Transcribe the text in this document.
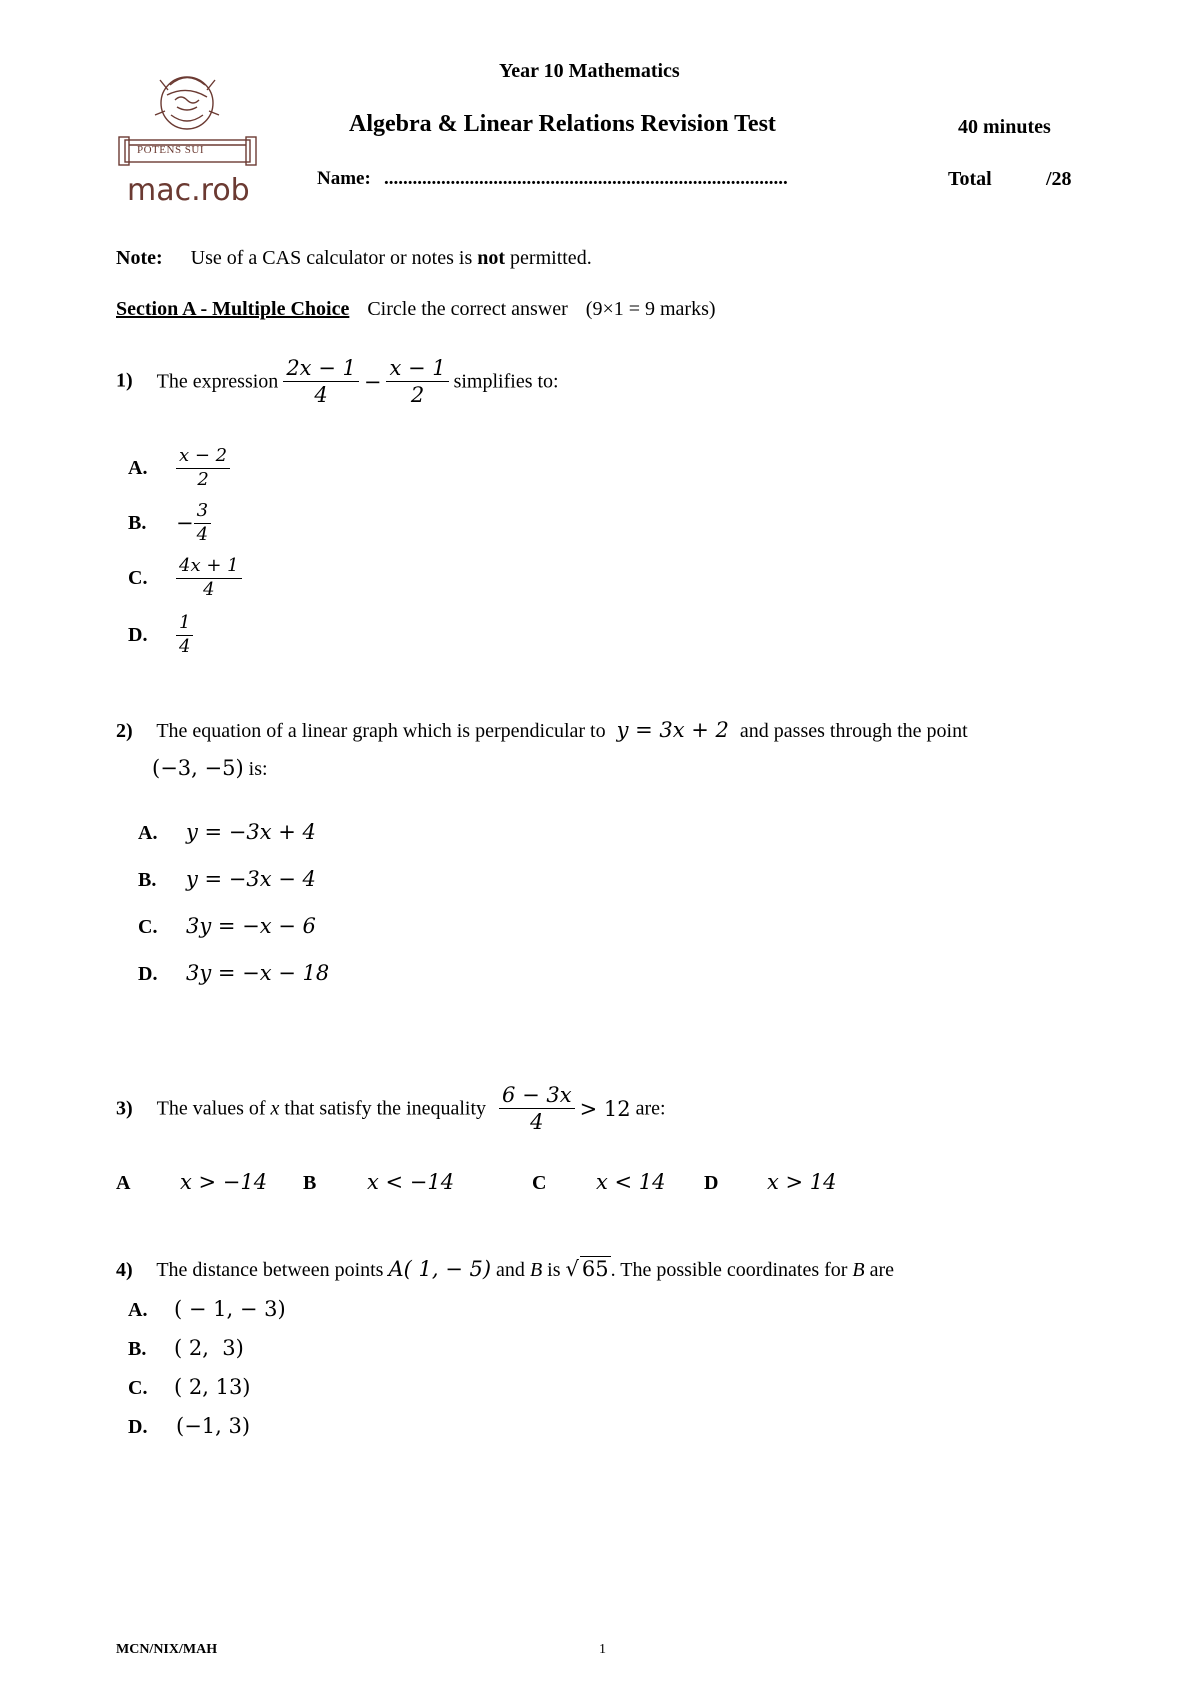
POTENS SUI
mac.rob
Year 10 Mathematics
Algebra & Linear Relations Revision Test	40 minutes
Name: .....................................................................................	Total	/28
Note: Use of a CAS calculator or notes is not permitted.
Section A - Multiple Choice Circle the correct answer (9×1 = 9 marks)
1) The expression $\frac{2x - 1}{4} - \frac{x - 1}{2}$ simplifies to:
A. $\frac{x - 2}{2}$
B. − $\frac{3}{4}$
C. $\frac{4x + 1}{4}$
D. $\frac{1}{4}$
2) The equation of a linear graph which is perpendicular to y = 3x + 2 and passes through the point
(−3, −5) is:
A. y = −3x + 4
B. y = −3x − 4
C. 3y = −x − 6
D. 3y = −x − 18
3) The values of x that satisfy the inequality $\frac{6 - 3x}{4} > 12$ are:
A x > −14 B x < −14	C x < 14 D x > 14
4) The distance between points A( 1, − 5) and B is √ 65 . The possible coordinates for B are
A. ( − 1, − 3)
B. ( 2,  3)
C. ( 2, 13)
D. (−1, 3)
MCN/NIX/MAH	1
